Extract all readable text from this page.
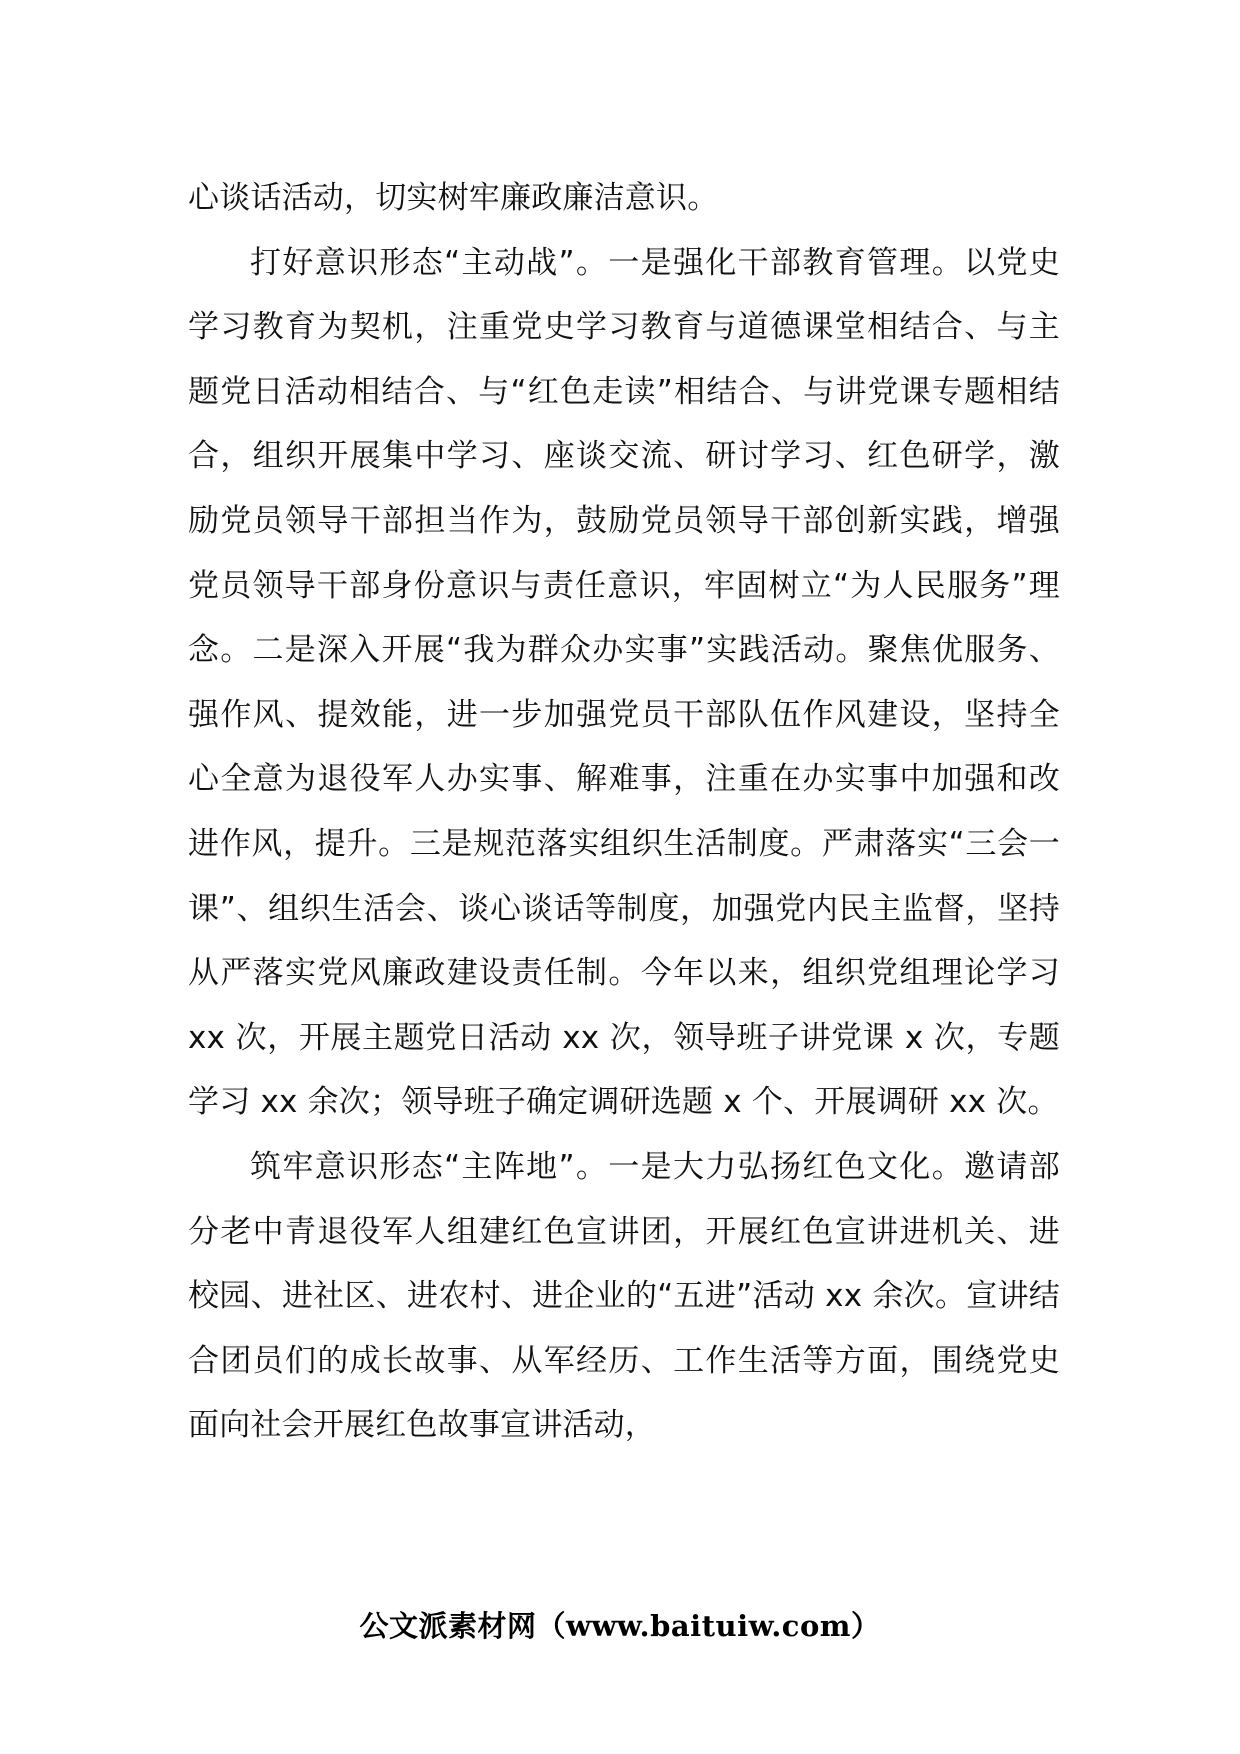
心谈话活动，切实树牢廉政廉洁意识。

打好意识形态“主动战”。一是强化干部教育管理。以党史学习教育为契机，注重党史学习教育与道德课堂相结合、与主题党日活动相结合、与“红色走读”相结合、与讲党课专题相结合，组织开展集中学习、座谈交流、研讨学习、红色研学，激励党员领导干部担当作为，鼓励党员领导干部创新实践，增强党员领导干部身份意识与责任意识，牢固树立“为人民服务”理念。二是深入开展“我为群众办实事”实践活动。聚焦优服务、强作风、提效能，进一步加强党员干部队伍作风建设，坚持全心全意为退役军人办实事、解难事，注重在办实事中加强和改进作风，提升。三是规范落实组织生活制度。严肃落实“三会一课”、组织生活会、谈心谈话等制度，加强党内民主监督，坚持从严落实党风廉政建设责任制。今年以来，组织党组理论学习 xx 次，开展主题党日活动 xx 次，领导班子讲党课 x 次，专题学习 xx 余次；领导班子确定调研选题 x 个、开展调研 xx 次。

筑牢意识形态“主阵地”。一是大力弘扬红色文化。邀请部分老中青退役军人组建红色宣讲团，开展红色宣讲进机关、进校园、进社区、进农村、进企业的“五进”活动 xx 余次。宣讲结合团员们的成长故事、从军经历、工作生活等方面，围绕党史面向社会开展红色故事宣讲活动，

公文派素材网（www.baituiw.com）
